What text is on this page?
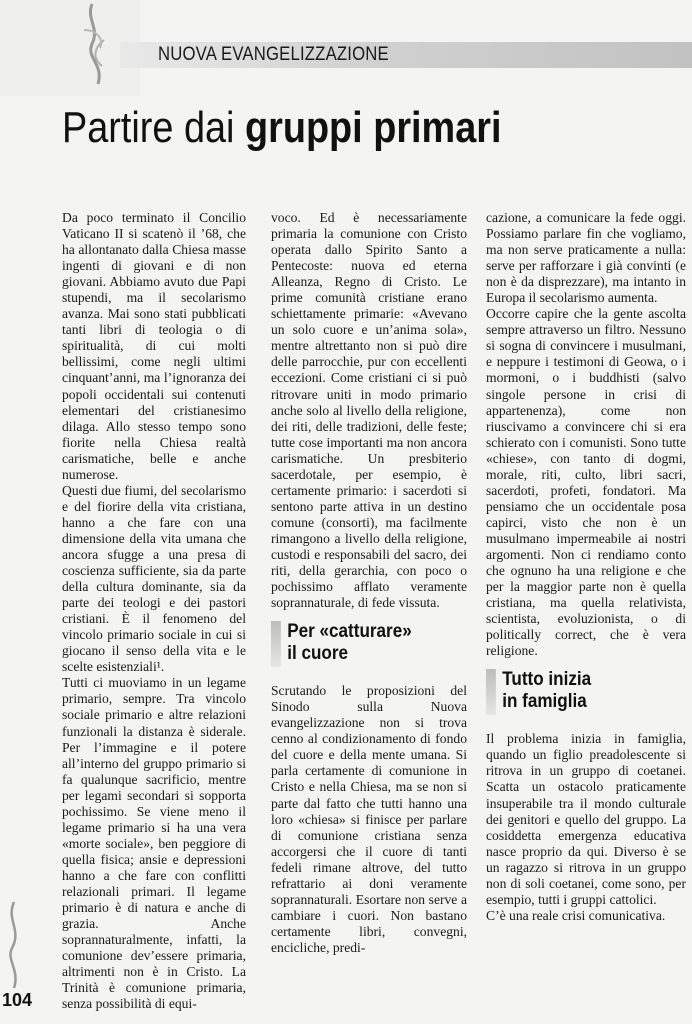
NUOVA EVANGELIZZAZIONE
Partire dai gruppi primari

Da poco terminato il Concilio Vaticano II si scatenò il ’68, che ha allontanato dalla Chiesa masse ingenti di giovani e di non giovani. Abbiamo avuto due Papi stupendi, ma il secolarismo avanza. Mai sono stati pubblicati tanti libri di teologia o di spiritualità, di cui molti bellissimi, come negli ultimi cinquant’anni, ma l’ignoranza dei popoli occidentali sui contenuti elementari del cristianesimo dilaga. Allo stesso tempo sono fiorite nella Chiesa realtà carismatiche, belle e anche numerose.

Questi due fiumi, del secolarismo e del fiorire della vita cristiana, hanno a che fare con una dimensione della vita umana che ancora sfugge a una presa di coscienza sufficiente, sia da parte della cultura dominante, sia da parte dei teologi e dei pastori cristiani. È il fenomeno del vincolo primario sociale in cui si giocano il senso della vita e le scelte esistenziali¹.

Tutti ci muoviamo in un legame primario, sempre. Tra vincolo sociale primario e altre relazioni funzionali la distanza è siderale. Per l’immagine e il potere all’interno del gruppo primario si fa qualunque sacrificio, mentre per legami secondari si sopporta pochissimo. Se viene meno il legame primario si ha una vera «morte sociale», ben peggiore di quella fisica; ansie e depressioni hanno a che fare con conflitti relazionali primari. Il legame primario è di natura e anche di grazia. Anche soprannaturalmente, infatti, la comunione dev’essere primaria, altrimenti non è in Cristo. La Trinità è comunione primaria, senza possibilità di equi-

voco. Ed è necessariamente primaria la comunione con Cristo operata dallo Spirito Santo a Pentecoste: nuova ed eterna Alleanza, Regno di Cristo. Le prime comunità cristiane erano schiettamente primarie: «Avevano un solo cuore e un’anima sola», mentre altrettanto non si può dire delle parrocchie, pur con eccellenti eccezioni. Come cristiani ci si può ritrovare uniti in modo primario anche solo al livello della religione, dei riti, delle tradizioni, delle feste; tutte cose importanti ma non ancora carismatiche. Un presbiterio sacerdotale, per esempio, è certamente primario: i sacerdoti si sentono parte attiva in un destino comune (consorti), ma facilmente rimangono a livello della religione, custodi e responsabili del sacro, dei riti, della gerarchia, con poco o pochissimo afflato veramente soprannaturale, di fede vissuta.

Per «catturare»
il cuore

Scrutando le proposizioni del Sinodo sulla Nuova evangelizzazione non si trova cenno al condizionamento di fondo del cuore e della mente umana. Si parla certamente di comunione in Cristo e nella Chiesa, ma se non si parte dal fatto che tutti hanno una loro «chiesa» si finisce per parlare di comunione cristiana senza accorgersi che il cuore di tanti fedeli rimane altrove, del tutto refrattario ai doni veramente soprannaturali. Esortare non serve a cambiare i cuori. Non bastano certamente libri, convegni, encicliche, predi-

cazione, a comunicare la fede oggi. Possiamo parlare fin che vogliamo, ma non serve praticamente a nulla: serve per rafforzare i già convinti (e non è da disprezzare), ma intanto in Europa il secolarismo aumenta.

Occorre capire che la gente ascolta sempre attraverso un filtro. Nessuno si sogna di convincere i musulmani, e neppure i testimoni di Geowa, o i mormoni, o i buddhisti (salvo singole persone in crisi di appartenenza), come non riuscivamo a convincere chi si era schierato con i comunisti. Sono tutte «chiese», con tanto di dogmi, morale, riti, culto, libri sacri, sacerdoti, profeti, fondatori. Ma pensiamo che un occidentale posa capirci, visto che non è un musulmano impermeabile ai nostri argomenti. Non ci rendiamo conto che ognuno ha una religione e che per la maggior parte non è quella cristiana, ma quella relativista, scientista, evoluzionista, o di politically correct, che è vera religione.

Tutto inizia
in famiglia

Il problema inizia in famiglia, quando un figlio preadolescente si ritrova in un gruppo di coetanei. Scatta un ostacolo praticamente insuperabile tra il mondo culturale dei genitori e quello del gruppo. La cosiddetta emergenza educativa nasce proprio da qui. Diverso è se un ragazzo si ritrova in un gruppo non di soli coetanei, come sono, per esempio, tutti i gruppi cattolici.

C’è una reale crisi comunicativa.

104
